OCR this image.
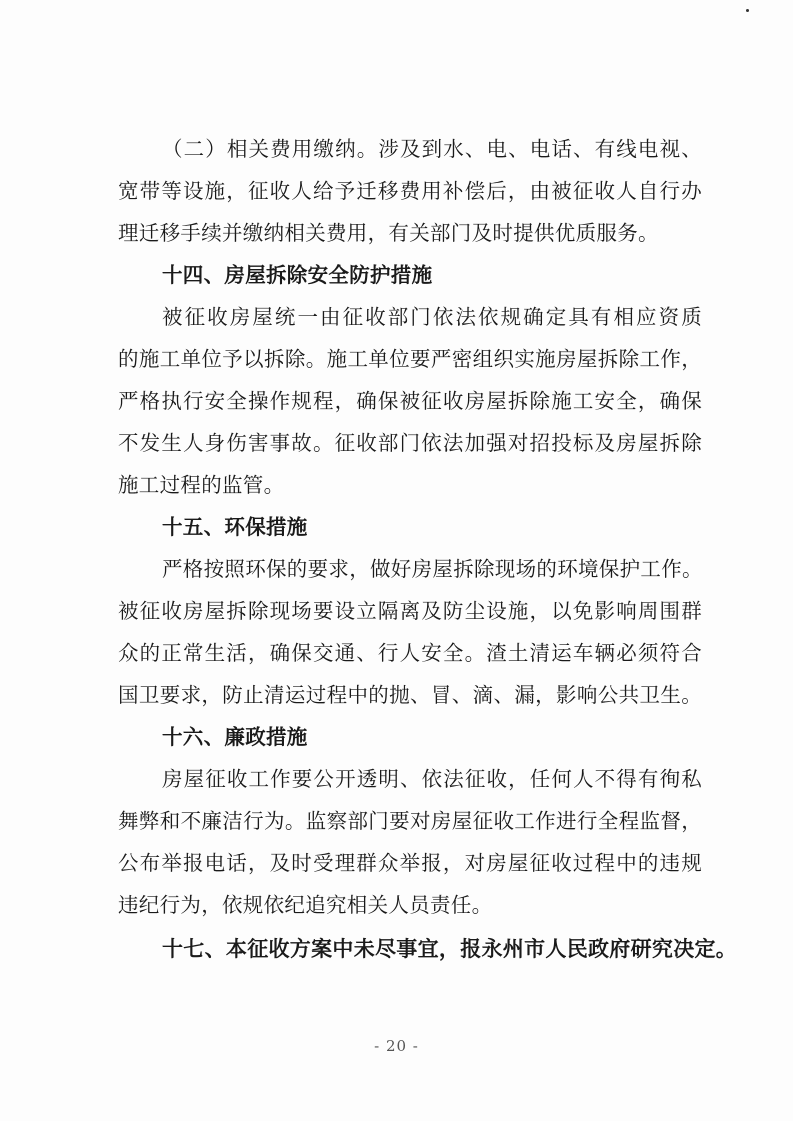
（二）相关费用缴纳。涉及到水、电、电话、有线电视、
宽带等设施，征收人给予迁移费用补偿后，由被征收人自行办
理迁移手续并缴纳相关费用，有关部门及时提供优质服务。
十四、房屋拆除安全防护措施
被征收房屋统一由征收部门依法依规确定具有相应资质
的施工单位予以拆除。施工单位要严密组织实施房屋拆除工作，
严格执行安全操作规程，确保被征收房屋拆除施工安全，确保
不发生人身伤害事故。征收部门依法加强对招投标及房屋拆除
施工过程的监管。
十五、环保措施
严格按照环保的要求，做好房屋拆除现场的环境保护工作。
被征收房屋拆除现场要设立隔离及防尘设施，以免影响周围群
众的正常生活，确保交通、行人安全。渣土清运车辆必须符合
国卫要求，防止清运过程中的抛、冒、滴、漏，影响公共卫生。
十六、廉政措施
房屋征收工作要公开透明、依法征收，任何人不得有徇私
舞弊和不廉洁行为。监察部门要对房屋征收工作进行全程监督，
公布举报电话，及时受理群众举报，对房屋征收过程中的违规
违纪行为，依规依纪追究相关人员责任。
十七、本征收方案中未尽事宜，报永州市人民政府研究决定。
- 20 -
